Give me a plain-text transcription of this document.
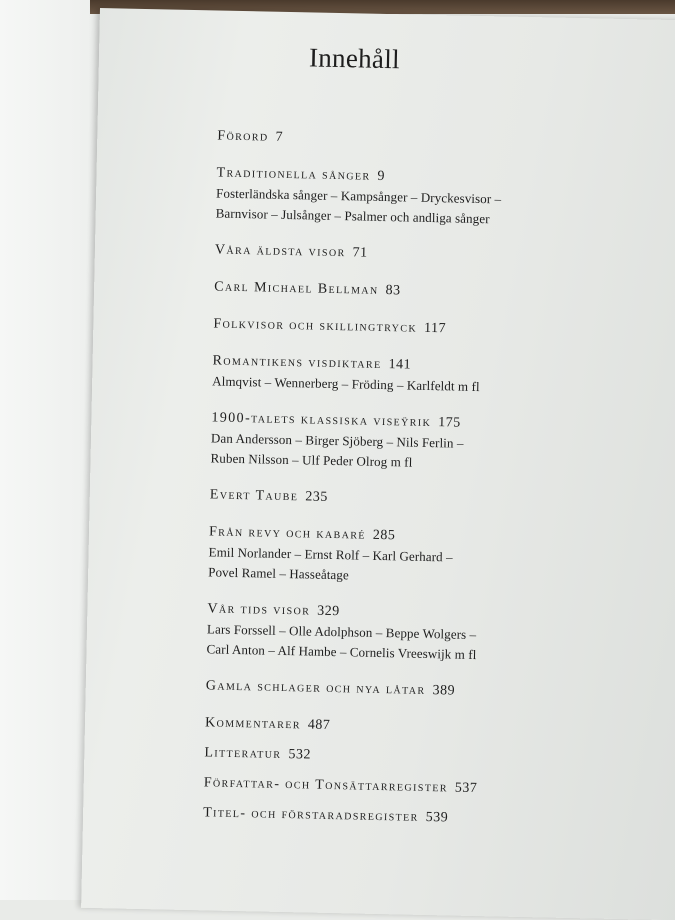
Innehåll
Förord 7
Traditionella sånger 9
Fosterländska sånger – Kampsånger – Dryckesvisor –
Barnvisor – Julsånger – Psalmer och andliga sånger
Våra äldsta visor 71
Carl Michael Bellman 83
Folkvisor och skillingtryck 117
Romantikens visdiktare 141
Almqvist – Wennerberg – Fröding – Karlfeldt m fl
1900-talets klassiska viseÿrik 175
Dan Andersson – Birger Sjöberg – Nils Ferlin –
Ruben Nilsson – Ulf Peder Olrog m fl
Evert Taube 235
Från revy och kabaré 285
Emil Norlander – Ernst Rolf – Karl Gerhard –
Povel Ramel – Hasseåtage
Vår tids visor 329
Lars Forssell – Olle Adolphson – Beppe Wolgers –
Carl Anton – Alf Hambe – Cornelis Vreeswijk m fl
Gamla schlager och nya låtar 389
Kommentarer 487
Litteratur 532
Författar- och Tonsättarregister 537
Titel- och förstaradsregister 539
